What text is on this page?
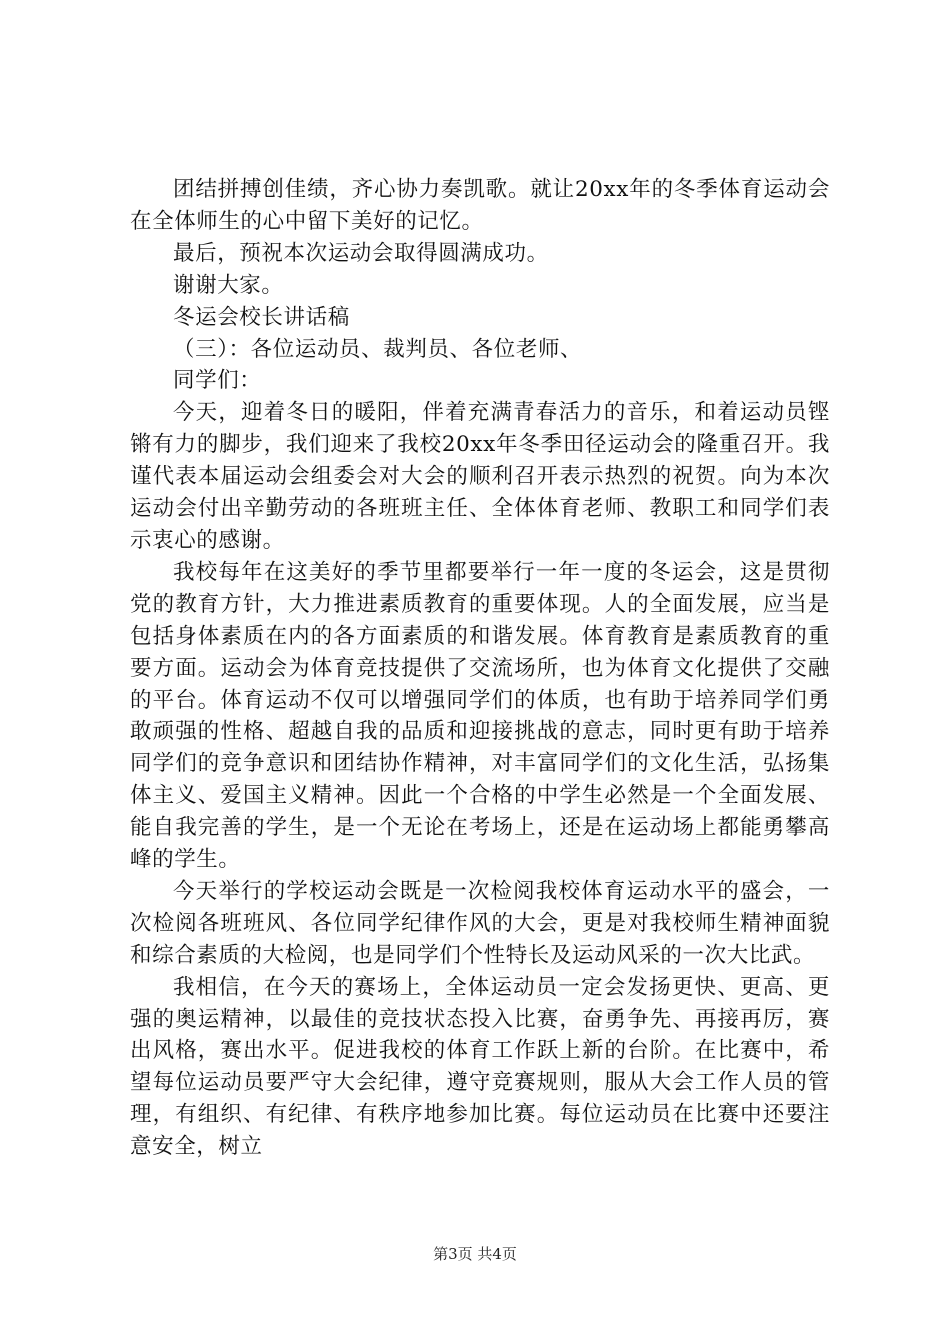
团结拼搏创佳绩，齐心协力奏凯歌。就让20xx年的冬季体育运动会在全体师生的心中留下美好的记忆。

最后，预祝本次运动会取得圆满成功。

谢谢大家。

冬运会校长讲话稿

（三）：各位运动员、裁判员、各位老师、

同学们：

今天，迎着冬日的暖阳，伴着充满青春活力的音乐，和着运动员铿锵有力的脚步，我们迎来了我校20xx年冬季田径运动会的隆重召开。我谨代表本届运动会组委会对大会的顺利召开表示热烈的祝贺。向为本次运动会付出辛勤劳动的各班班主任、全体体育老师、教职工和同学们表示衷心的感谢。

我校每年在这美好的季节里都要举行一年一度的冬运会，这是贯彻党的教育方针，大力推进素质教育的重要体现。人的全面发展，应当是包括身体素质在内的各方面素质的和谐发展。体育教育是素质教育的重要方面。运动会为体育竞技提供了交流场所，也为体育文化提供了交融的平台。体育运动不仅可以增强同学们的体质，也有助于培养同学们勇敢顽强的性格、超越自我的品质和迎接挑战的意志，同时更有助于培养同学们的竞争意识和团结协作精神，对丰富同学们的文化生活，弘扬集体主义、爱国主义精神。因此一个合格的中学生必然是一个全面发展、能自我完善的学生，是一个无论在考场上，还是在运动场上都能勇攀高峰的学生。

今天举行的学校运动会既是一次检阅我校体育运动水平的盛会，一次检阅各班班风、各位同学纪律作风的大会，更是对我校师生精神面貌和综合素质的大检阅，也是同学们个性特长及运动风采的一次大比武。

我相信，在今天的赛场上，全体运动员一定会发扬更快、更高、更强的奥运精神，以最佳的竞技状态投入比赛，奋勇争先、再接再厉，赛出风格，赛出水平。促进我校的体育工作跃上新的台阶。在比赛中，希望每位运动员要严守大会纪律，遵守竞赛规则，服从大会工作人员的管理，有组织、有纪律、有秩序地参加比赛。每位运动员在比赛中还要注意安全，树立

第3页 共4页
